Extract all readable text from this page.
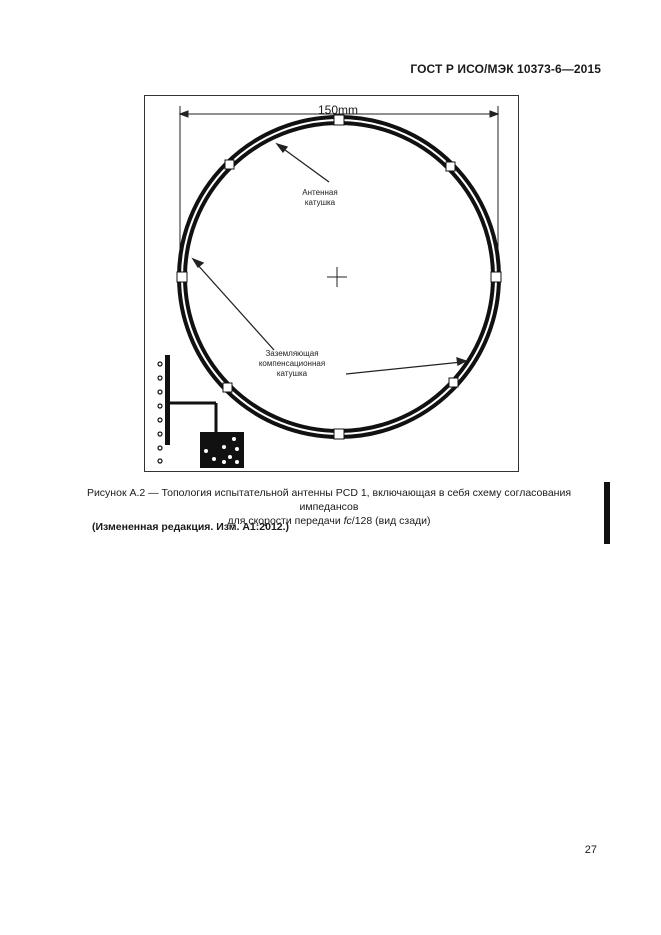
ГОСТ Р ИСО/МЭК 10373-6—2015
150mm
Антенная
катушка
Заземляющая
компенсационная
катушка
Рисунок А.2 — Топология испытательной антенны PCD 1, включающая в себя схему согласования импедансов
для скорости передачи fc/128 (вид сзади)
(Измененная редакция. Изм. А1:2012.)
27
